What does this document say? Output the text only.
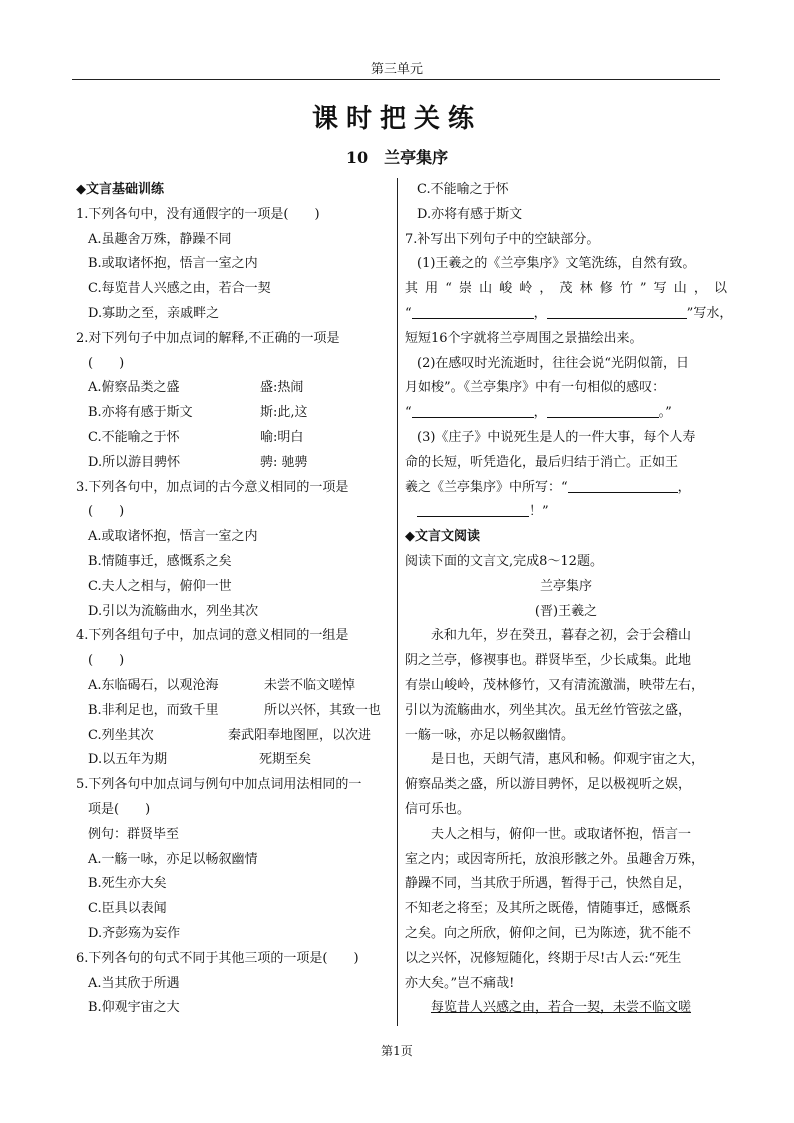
第三单元
课时把关练
10　兰亭集序
◆文言基础训练
1.下列各句中，没有通假字的一项是(　　)
A.虽趣舍万殊，静躁不同
B.或取诸怀抱，悟言一室之内
C.每览昔人兴感之由，若合一契
D.寡助之至，亲戚畔之
2.对下列句子中加点词的解释,不正确的一项是
(　　)
A.俯察品类之盛	盛:热闹
B.亦将有感于斯文	斯:此,这
C.不能喻之于怀	喻:明白
D.所以游目骋怀	骋: 驰骋
3.下列各句中，加点词的古今意义相同的一项是
(　　)
A.或取诸怀抱，悟言一室之内
B.情随事迁，感慨系之矣
C.夫人之相与，俯仰一世
D.引以为流觞曲水，列坐其次
4.下列各组句子中，加点词的意义相同的一组是
(　　)
A.东临碣石，以观沧海	未尝不临文嗟悼
B.非利足也，而致千里	所以兴怀，其致一也
C.列坐其次	秦武阳奉地图匣，以次进
D.以五年为期	死期至矣
5.下列各句中加点词与例句中加点词用法相同的一
项是(　　)
例句：群贤毕至
A.一觞一咏，亦足以畅叙幽情
B.死生亦大矣
C.臣具以表闻
D.齐彭殇为妄作
6.下列各句的句式不同于其他三项的一项是(　　)
A.当其欣于所遇
B.仰观宇宙之大
C.不能喻之于怀
D.亦将有感于斯文
7.补写出下列句子中的空缺部分。
(1)王羲之的《兰亭集序》文笔洗练，自然有致。
其用“崇山峻岭，茂林修竹”写山，以
“	，	”写水，
短短16个字就将兰亭周围之景描绘出来。
(2)在感叹时光流逝时，往往会说“光阴似箭，日
月如梭”。《兰亭集序》中有一句相似的感叹：
“	，	。”
(3)《庄子》中说死生是人的一件大事，每个人寿
命的长短，听凭造化，最后归结于消亡。正如王
羲之《兰亭集序》中所写：“	，
！”
◆文言文阅读
阅读下面的文言文,完成8～12题。
兰亭集序
(晋)王羲之
永和九年，岁在癸丑，暮春之初，会于会稽山
阴之兰亭，修禊事也。群贤毕至，少长咸集。此地
有崇山峻岭，茂林修竹，又有清流激湍，映带左右，
引以为流觞曲水，列坐其次。虽无丝竹管弦之盛，
一觞一咏，亦足以畅叙幽情。
是日也，天朗气清，惠风和畅。仰观宇宙之大，
俯察品类之盛，所以游目骋怀，足以极视听之娱，
信可乐也。
夫人之相与，俯仰一世。或取诸怀抱，悟言一
室之内；或因寄所托，放浪形骸之外。虽趣舍万殊，
静躁不同，当其欣于所遇，暂得于己，快然自足，
不知老之将至；及其所之既倦，情随事迁，感慨系
之矣。向之所欣，俯仰之间，已为陈迹，犹不能不
以之兴怀，况修短随化，终期于尽!古人云:“死生
亦大矣。”岂不痛哉!
每览昔人兴感之由，若合一契，未尝不临文嗟
第1页
